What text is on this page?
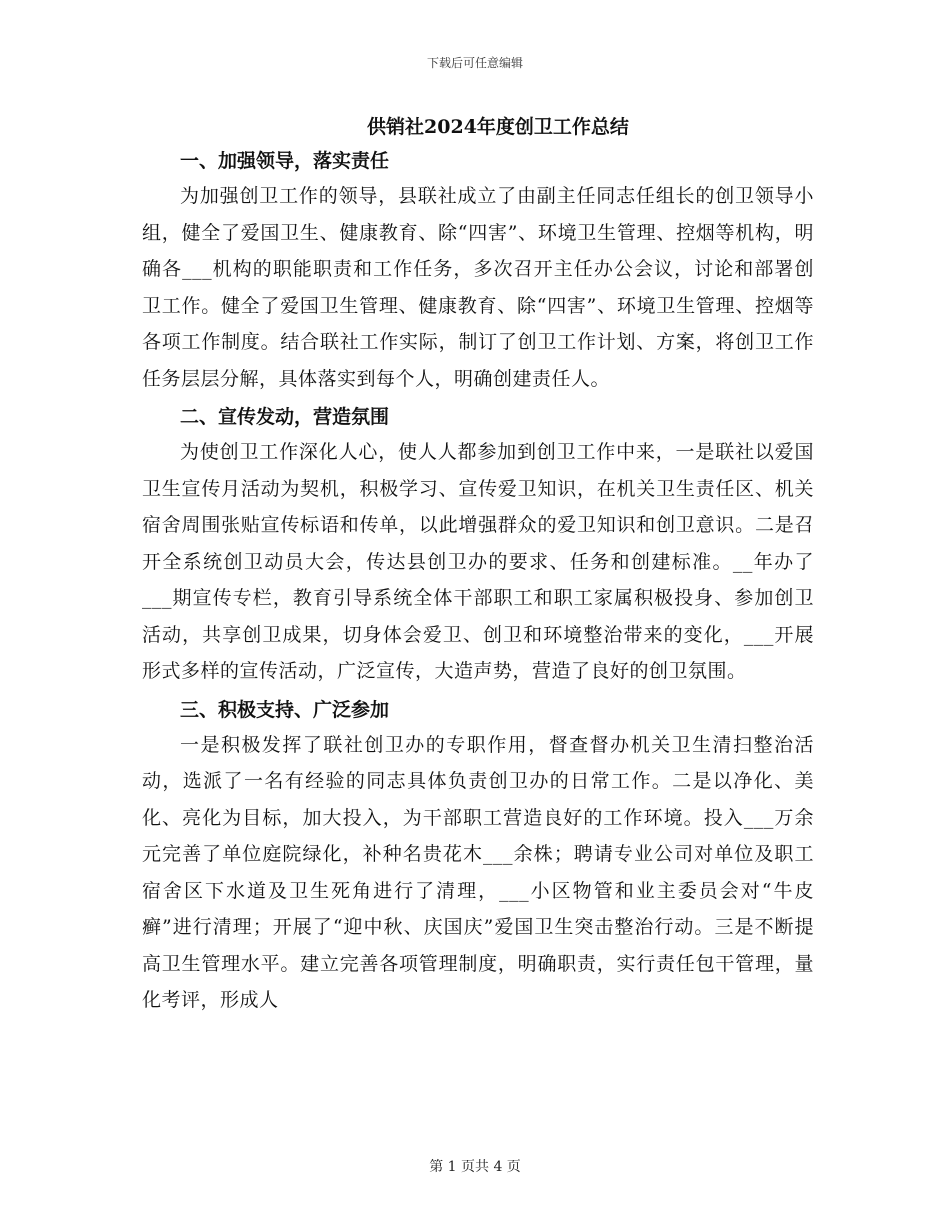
下载后可任意编辑
供销社2024年度创卫工作总结
一、加强领导，落实责任

为加强创卫工作的领导，县联社成立了由副主任同志任组长的创卫领导小组，健全了爱国卫生、健康教育、除“四害”、环境卫生管理、控烟等机构，明确各___机构的职能职责和工作任务，多次召开主任办公会议，讨论和部署创卫工作。健全了爱国卫生管理、健康教育、除“四害”、环境卫生管理、控烟等各项工作制度。结合联社工作实际，制订了创卫工作计划、方案，将创卫工作任务层层分解，具体落实到每个人，明确创建责任人。

二、宣传发动，营造氛围

为使创卫工作深化人心，使人人都参加到创卫工作中来，一是联社以爱国卫生宣传月活动为契机，积极学习、宣传爱卫知识，在机关卫生责任区、机关宿舍周围张贴宣传标语和传单，以此增强群众的爱卫知识和创卫意识。二是召开全系统创卫动员大会，传达县创卫办的要求、任务和创建标准。__年办了___期宣传专栏，教育引导系统全体干部职工和职工家属积极投身、参加创卫活动，共享创卫成果，切身体会爱卫、创卫和环境整治带来的变化，___开展形式多样的宣传活动，广泛宣传，大造声势，营造了良好的创卫氛围。

三、积极支持、广泛参加

一是积极发挥了联社创卫办的专职作用，督查督办机关卫生清扫整治活动，选派了一名有经验的同志具体负责创卫办的日常工作。二是以净化、美化、亮化为目标，加大投入，为干部职工营造良好的工作环境。投入___万余元完善了单位庭院绿化，补种名贵花木___余株；聘请专业公司对单位及职工宿舍区下水道及卫生死角进行了清理，___小区物管和业主委员会对“牛皮癣”进行清理；开展了“迎中秋、庆国庆”爱国卫生突击整治行动。三是不断提高卫生管理水平。建立完善各项管理制度，明确职责，实行责任包干管理，量化考评，形成人

第 1 页共 4 页
